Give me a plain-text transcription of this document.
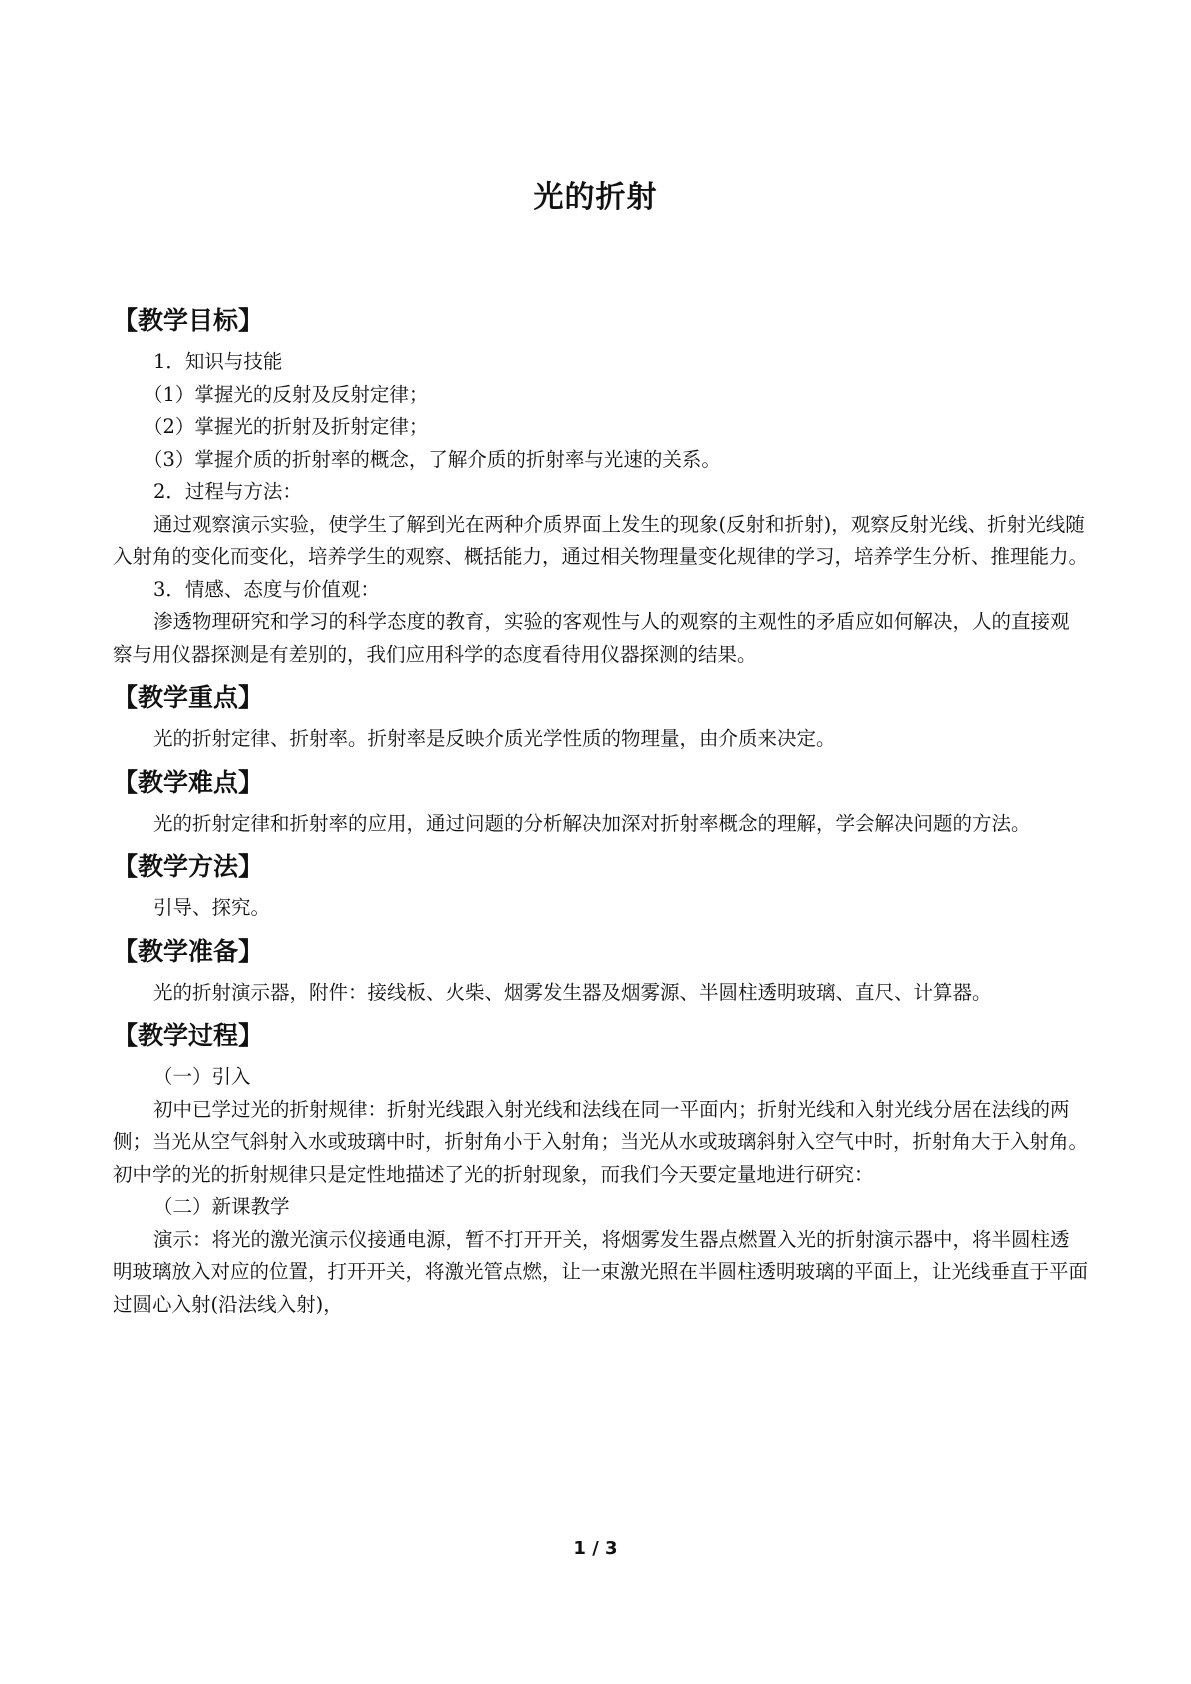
光的折射

【教学目标】

1．知识与技能

（1）掌握光的反射及反射定律；

（2）掌握光的折射及折射定律；

（3）掌握介质的折射率的概念，了解介质的折射率与光速的关系。

2．过程与方法：

通过观察演示实验，使学生了解到光在两种介质界面上发生的现象(反射和折射)，观察反射光线、折射光线随入射角的变化而变化，培养学生的观察、概括能力，通过相关物理量变化规律的学习，培养学生分析、推理能力。

3．情感、态度与价值观：

渗透物理研究和学习的科学态度的教育，实验的客观性与人的观察的主观性的矛盾应如何解决，人的直接观察与用仪器探测是有差别的，我们应用科学的态度看待用仪器探测的结果。

【教学重点】

光的折射定律、折射率。折射率是反映介质光学性质的物理量，由介质来决定。

【教学难点】

光的折射定律和折射率的应用，通过问题的分析解决加深对折射率概念的理解，学会解决问题的方法。

【教学方法】

引导、探究。

【教学准备】

光的折射演示器，附件：接线板、火柴、烟雾发生器及烟雾源、半圆柱透明玻璃、直尺、计算器。

【教学过程】

（一）引入

初中已学过光的折射规律：折射光线跟入射光线和法线在同一平面内；折射光线和入射光线分居在法线的两侧；当光从空气斜射入水或玻璃中时，折射角小于入射角；当光从水或玻璃斜射入空气中时，折射角大于入射角。初中学的光的折射规律只是定性地描述了光的折射现象，而我们今天要定量地进行研究：

（二）新课教学

演示：将光的激光演示仪接通电源，暂不打开开关，将烟雾发生器点燃置入光的折射演示器中，将半圆柱透明玻璃放入对应的位置，打开开关，将激光管点燃，让一束激光照在半圆柱透明玻璃的平面上，让光线垂直于平面过圆心入射(沿法线入射)，

1 / 3
